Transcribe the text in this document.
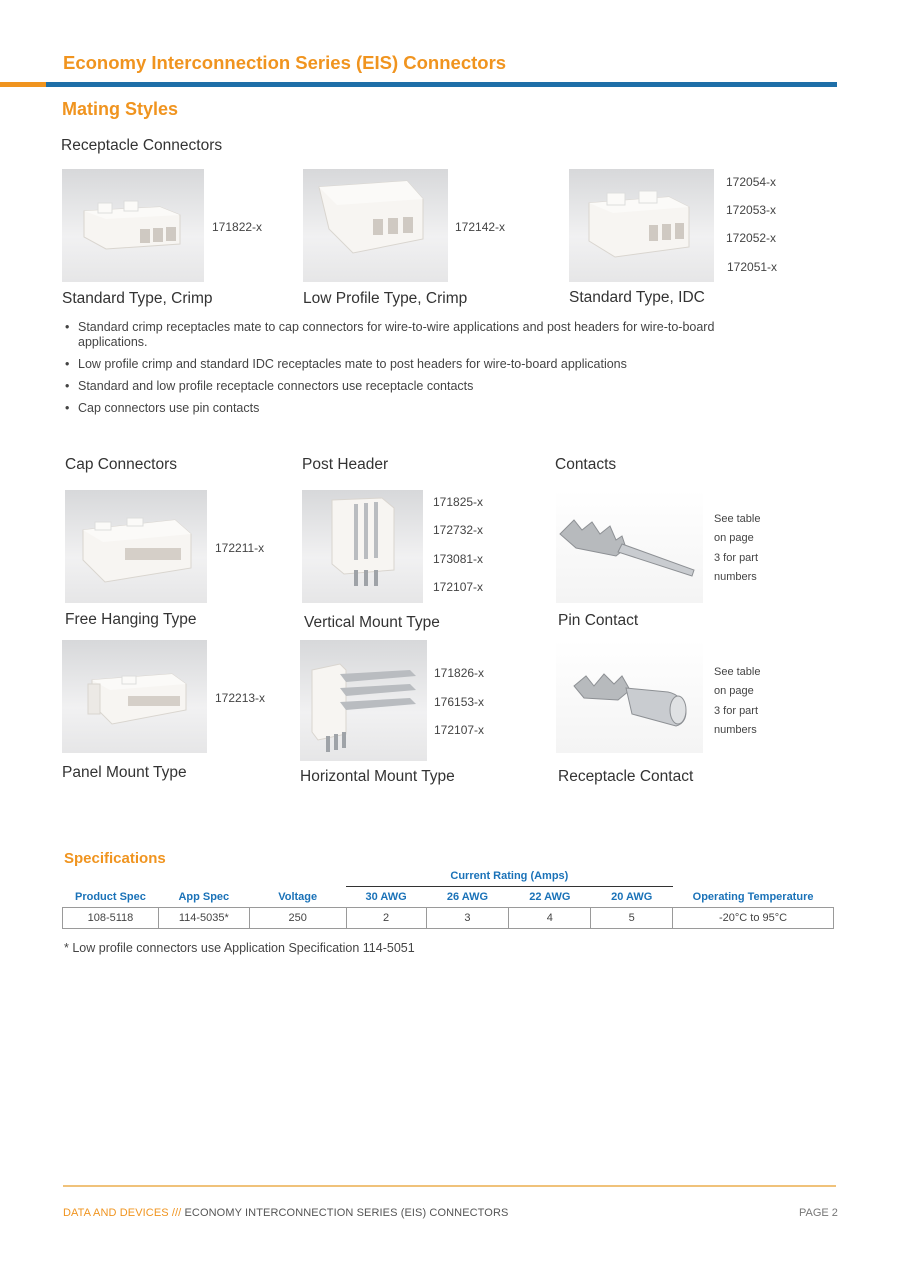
Economy Interconnection Series (EIS) Connectors
Mating Styles
Receptacle Connectors
171822-x
Standard Type, Crimp
172142-x
Low Profile Type, Crimp
172054-x
172053-x
172052-x
172051-x
Standard Type, IDC
• Standard crimp receptacles mate to cap connectors for wire-to-wire applications and post headers for wire-to-board applications.
• Low profile crimp and standard IDC receptacles mate to post headers for wire-to-board applications
• Standard and low profile receptacle connectors use receptacle contacts
• Cap connectors use pin contacts
Cap Connectors	Post Header	Contacts
172211-x
Free Hanging Type
172213-x
Panel Mount Type
171825-x
172732-x
173081-x
172107-x
Vertical Mount Type
171826-x
176153-x
172107-x
Horizontal Mount Type
See table
on page
3 for part
numbers
Pin Contact
See table
on page
3 for part
numbers
Receptacle Contact
Specifications
			Current Rating (Amps)				
Product Spec	App Spec	Voltage	30 AWG	26 AWG	22 AWG	20 AWG	Operating Temperature
108-5118	114-5035*	250	2	3	4	5	-20°C to 95°C
* Low profile connectors use Application Specification 114-5051
DATA AND DEVICES /// ECONOMY INTERCONNECTION SERIES (EIS) CONNECTORS	PAGE 2
